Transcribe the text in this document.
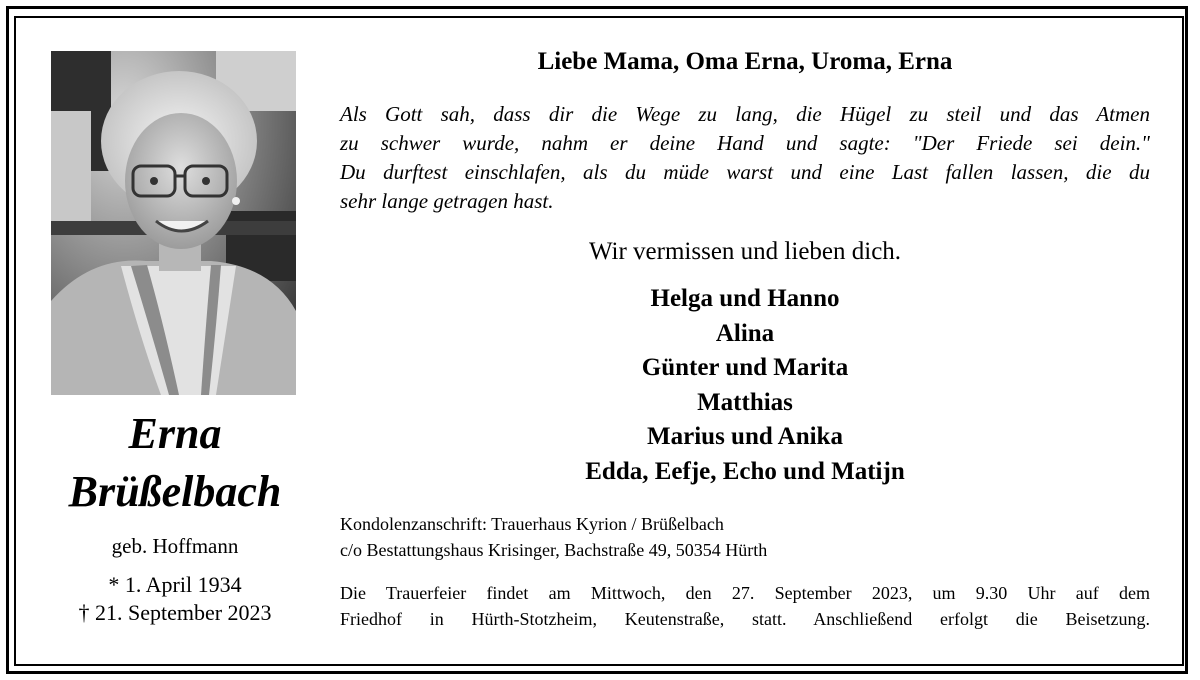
Erna
Brüßelbach
geb. Hoffmann
* 1. April 1934
† 21. September 2023
Liebe Mama, Oma Erna, Uroma, Erna
Als Gott sah, dass dir die Wege zu lang, die Hügel zu steil und das Atmen
zu schwer wurde, nahm er deine Hand und sagte: "Der Friede sei dein."
Du durftest einschlafen, als du müde warst und eine Last fallen lassen, die du
sehr lange getragen hast.
Wir vermissen und lieben dich.
Helga und Hanno
Alina
Günter und Marita
Matthias
Marius und Anika
Edda, Eefje, Echo und Matijn
Kondolenzanschrift: Trauerhaus Kyrion / Brüßelbach
c/o Bestattungshaus Krisinger, Bachstraße 49, 50354 Hürth
Die Trauerfeier findet am Mittwoch, den 27. September 2023, um 9.30 Uhr auf dem
Friedhof in Hürth-Stotzheim, Keutenstraße, statt. Anschließend erfolgt die Beisetzung.
